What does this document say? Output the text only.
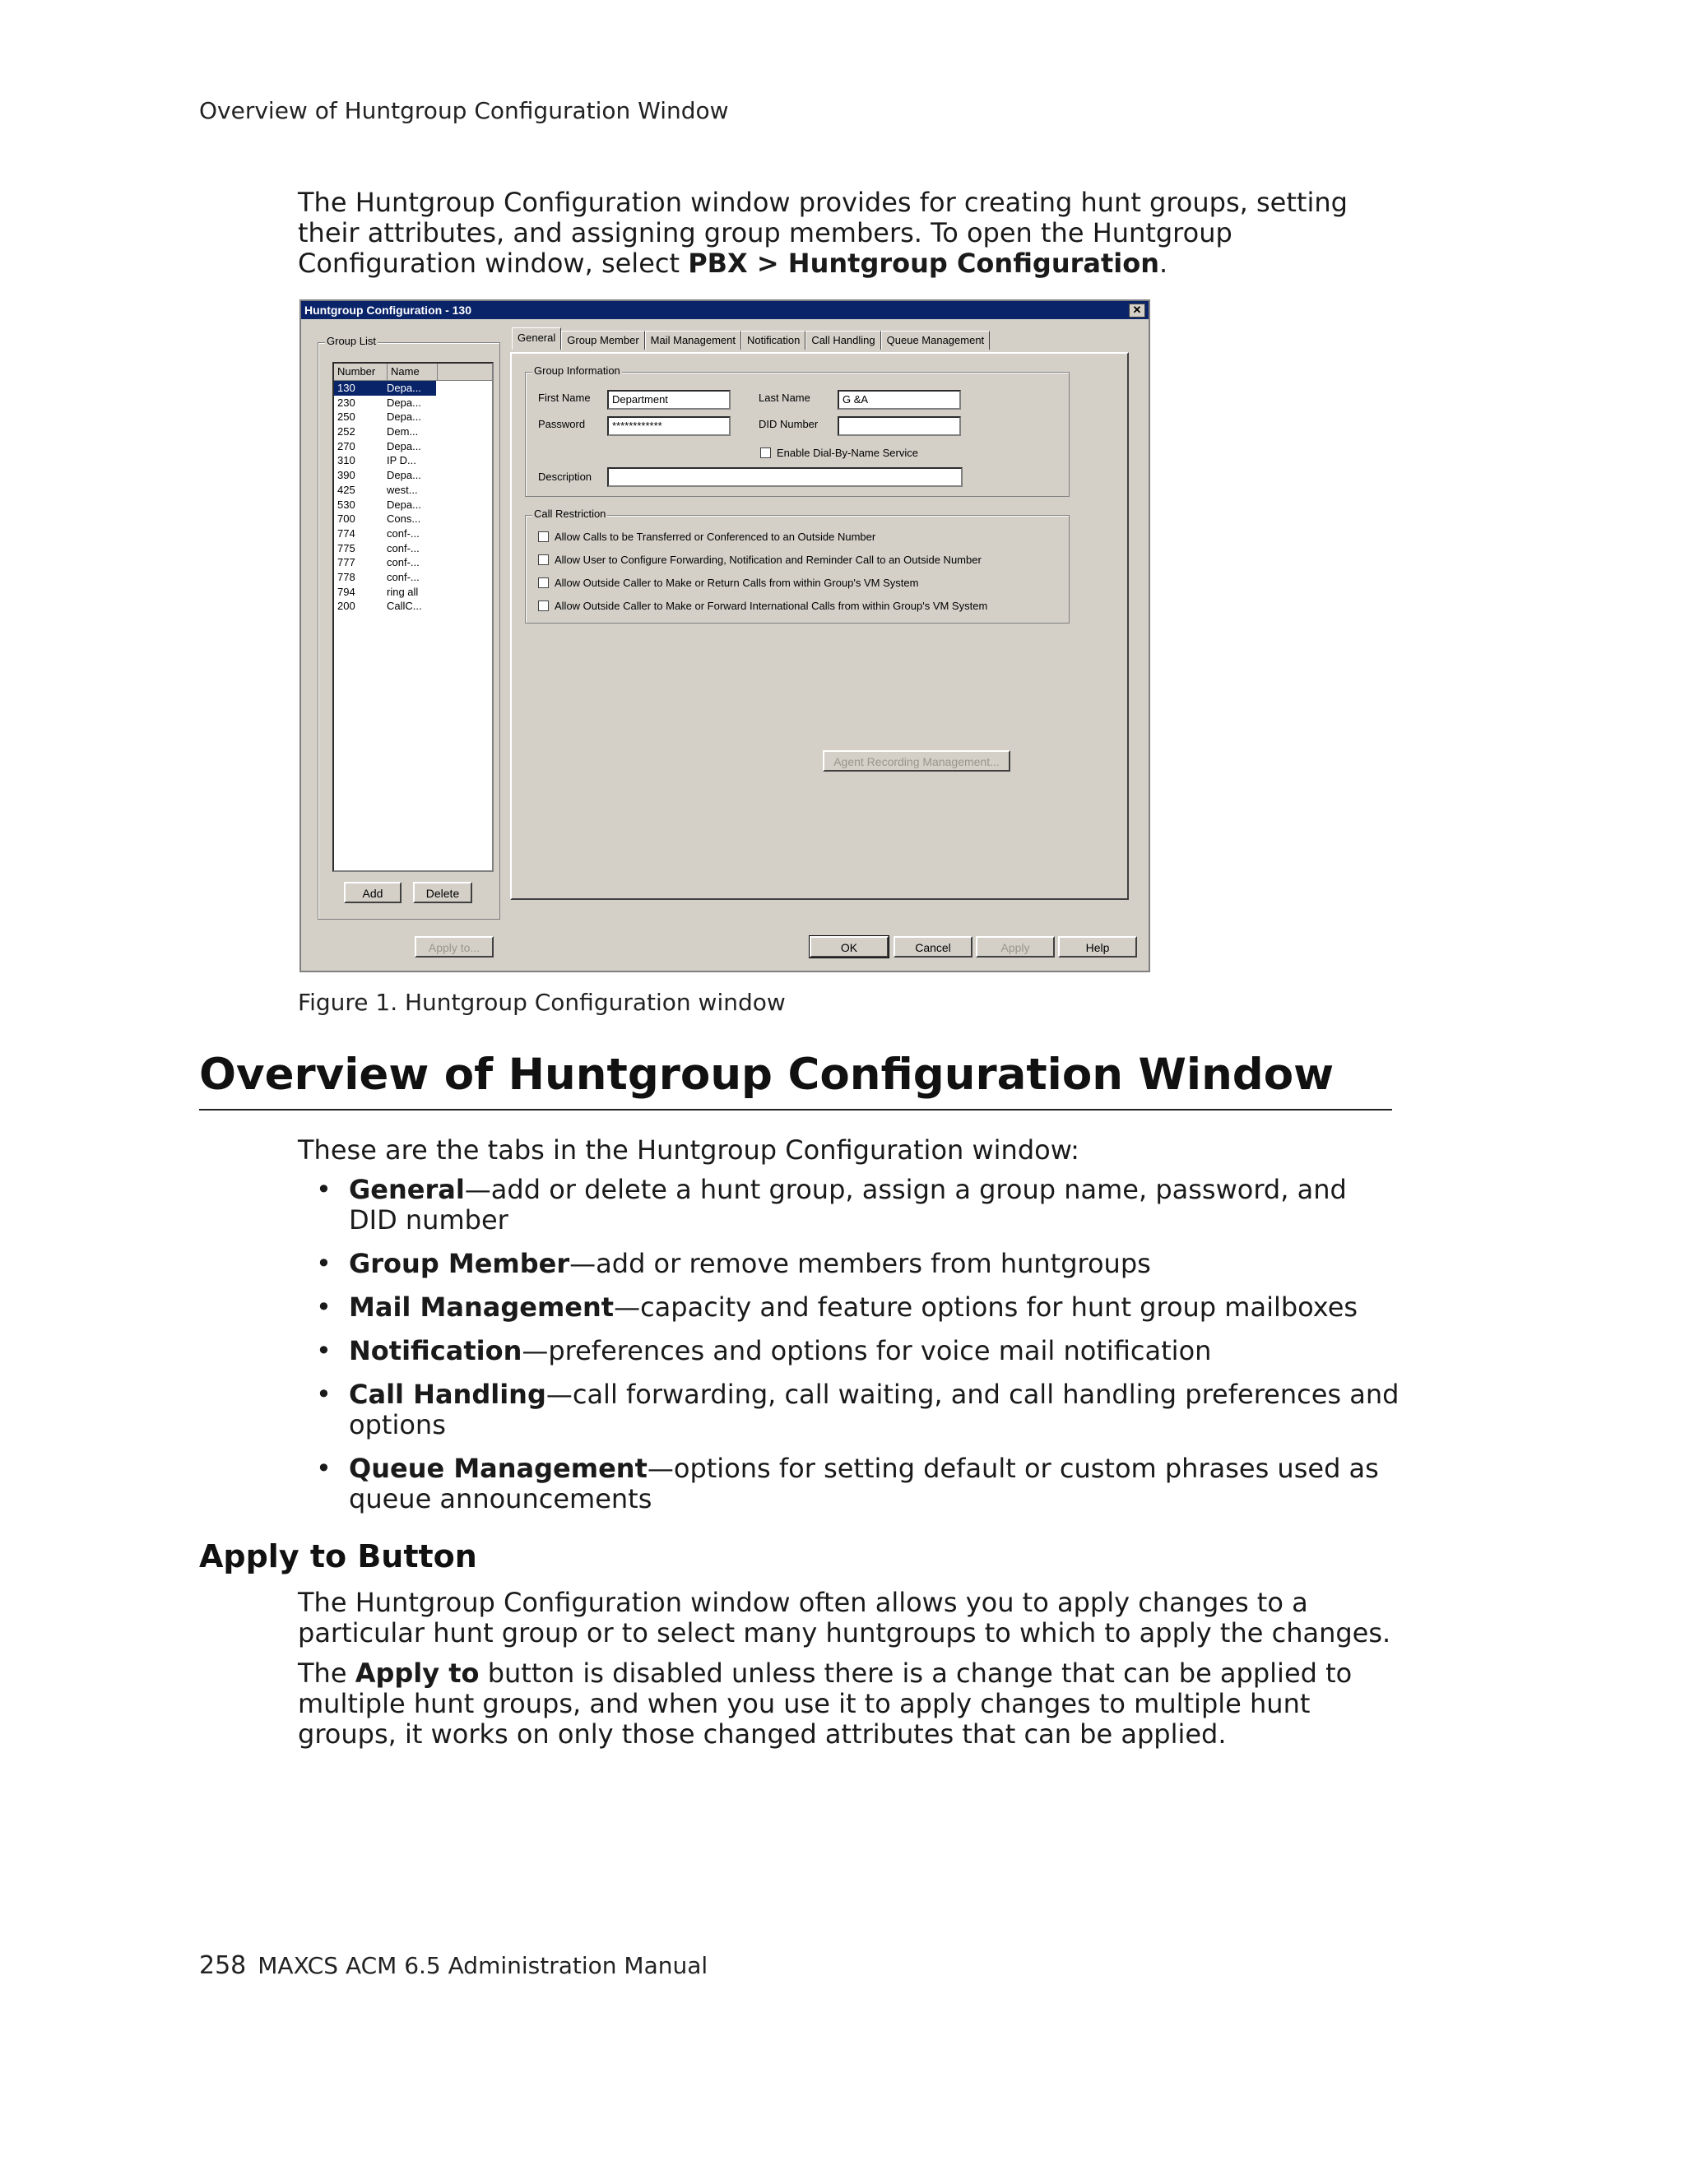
Overview of Huntgroup Configuration Window
The Huntgroup Configuration window provides for creating hunt groups, setting their attributes, and assigning group members. To open the Huntgroup Configuration window, select PBX > Huntgroup Configuration.
Huntgroup Configuration - 130	✕
Group List
Number	Name
130	Depa...
230	Depa...
250	Depa...
252	Dem...
270	Depa...
310	IP D...
390	Depa...
425	west...
530	Depa...
700	Cons...
774	conf-...
775	conf-...
777	conf-...
778	conf-...
794	ring all
200	CallC...
Add	Delete
General	Group Member	Mail Management	Notification	Call Handling	Queue Management
Group Information
First Name	Department	Last Name	G &A
Password	************	DID Number
Enable Dial-By-Name Service
Description
Call Restriction
Allow Calls to be Transferred or Conferenced to an Outside Number
Allow User to Configure Forwarding, Notification and Reminder Call to an Outside Number
Allow Outside Caller to Make or Return Calls from within Group's VM System
Allow Outside Caller to Make or Forward International Calls from within Group's VM System
Agent Recording Management...
Apply to...	OK	Cancel	Apply	Help
Figure 1. Huntgroup Configuration window
Overview of Huntgroup Configuration Window
These are the tabs in the Huntgroup Configuration window:
• General—add or delete a hunt group, assign a group name, password, and DID number
• Group Member—add or remove members from huntgroups
• Mail Management—capacity and feature options for hunt group mailboxes
• Notification—preferences and options for voice mail notification
• Call Handling—call forwarding, call waiting, and call handling preferences and options
• Queue Management—options for setting default or custom phrases used as queue announcements
Apply to Button
The Huntgroup Configuration window often allows you to apply changes to a particular hunt group or to select many huntgroups to which to apply the changes.
The Apply to button is disabled unless there is a change that can be applied to multiple hunt groups, and when you use it to apply changes to multiple hunt groups, it works on only those changed attributes that can be applied.
258 MAXCS ACM 6.5 Administration Manual
